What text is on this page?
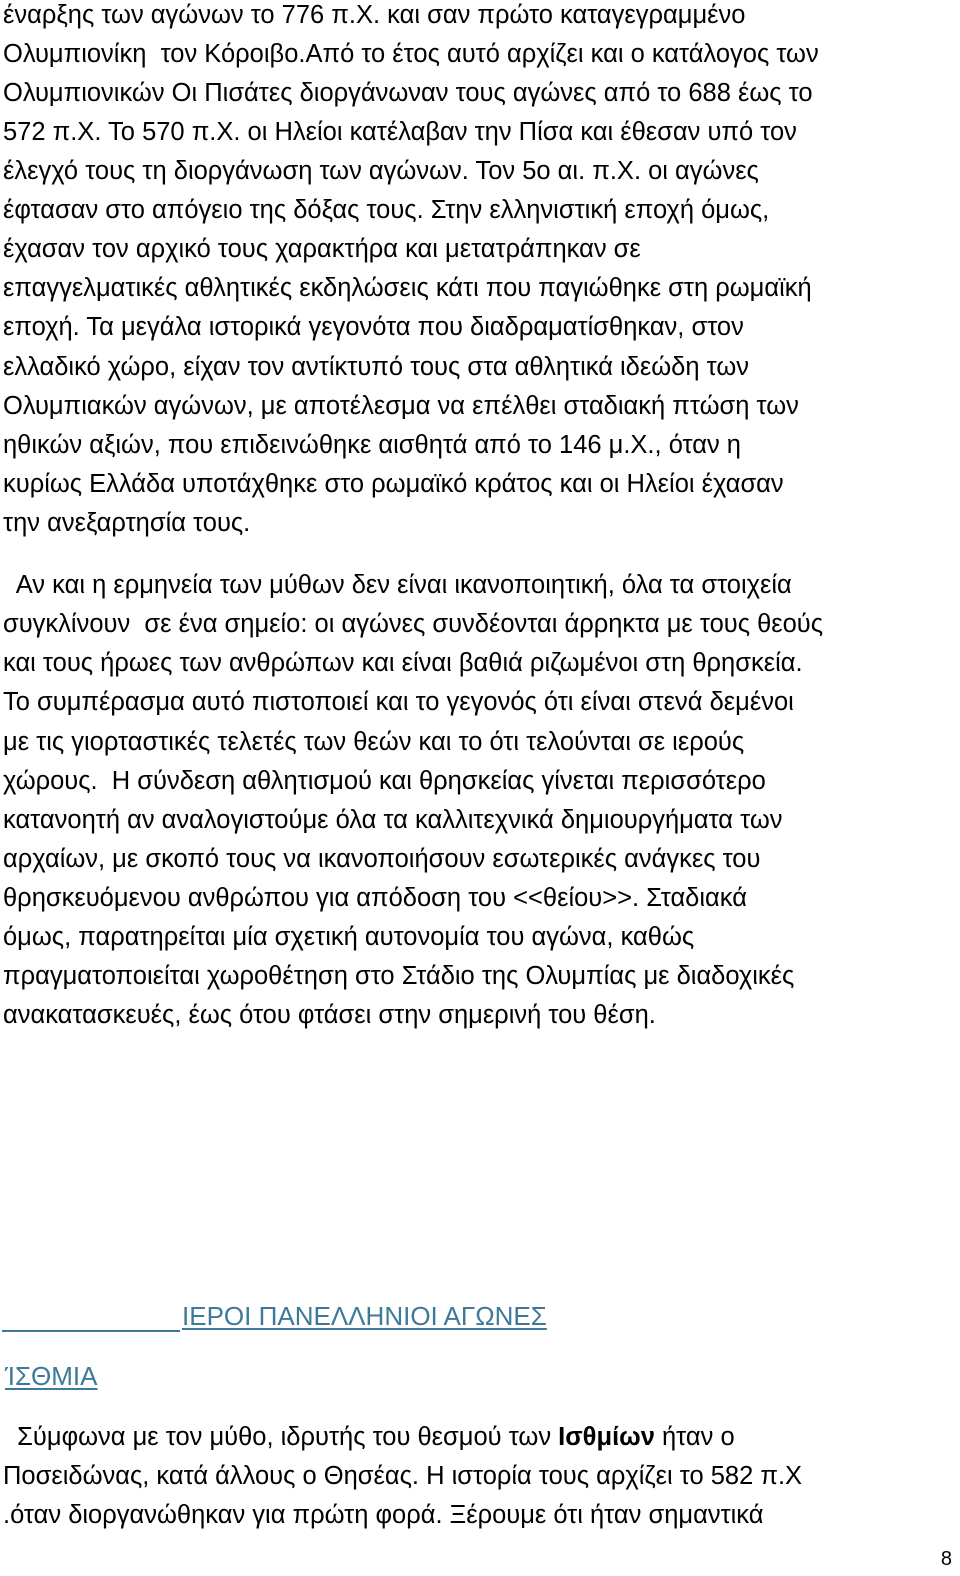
έναρξης των αγώνων το 776 π.Χ. και σαν πρώτο καταγεγραμμένο
Ολυμπιονίκη  τον Κόροιβο.Από το έτος αυτό αρχίζει και ο κατάλογος των
Ολυμπιονικών Οι Πισάτες διοργάνωναν τους αγώνες από το 688 έως το
572 π.Χ. Το 570 π.Χ. οι Ηλείοι κατέλαβαν την Πίσα και έθεσαν υπό τον
έλεγχό τους τη διοργάνωση των αγώνων. Τον 5ο αι. π.Χ. οι αγώνες
έφτασαν στο απόγειο της δόξας τους. Στην ελληνιστική εποχή όμως,
έχασαν τον αρχικό τους χαρακτήρα και μετατράπηκαν σε
επαγγελματικές αθλητικές εκδηλώσεις κάτι που παγιώθηκε στη ρωμαϊκή
εποχή. Τα μεγάλα ιστορικά γεγονότα που διαδραματίσθηκαν, στον
ελλαδικό χώρο, είχαν τον αντίκτυπό τους στα αθλητικά ιδεώδη των
Ολυμπιακών αγώνων, με αποτέλεσμα να επέλθει σταδιακή πτώση των
ηθικών αξιών, που επιδεινώθηκε αισθητά από το 146 μ.Χ., όταν η
κυρίως Ελλάδα υποτάχθηκε στο ρωμαϊκό κράτος και οι Ηλείοι έχασαν
την ανεξαρτησία τους.
Αν και η ερμηνεία των μύθων δεν είναι ικανοποιητική, όλα τα στοιχεία
συγκλίνουν  σε ένα σημείο: οι αγώνες συνδέονται άρρηκτα με τους θεούς
και τους ήρωες των ανθρώπων και είναι βαθιά ριζωμένοι στη θρησκεία.
Το συμπέρασμα αυτό πιστοποιεί και το γεγονός ότι είναι στενά δεμένοι
με τις γιορταστικές τελετές των θεών και το ότι τελούνται σε ιερούς
χώρους.  Η σύνδεση αθλητισμού και θρησκείας γίνεται περισσότερο
κατανοητή αν αναλογιστούμε όλα τα καλλιτεχνικά δημιουργήματα των
αρχαίων, με σκοπό τους να ικανοποιήσουν εσωτερικές ανάγκες του
θρησκευόμενου ανθρώπου για απόδοση του <<θείου>>. Σταδιακά
όμως, παρατηρείται μία σχετική αυτονομία του αγώνα, καθώς
πραγματοποιείται χωροθέτηση στο Στάδιο της Ολυμπίας με διαδοχικές
ανακατασκευές, έως ότου φτάσει στην σημερινή του θέση.
ΙΕΡΟΙ ΠΑΝΕΛΛΗΝΙΟΙ ΑΓΩΝΕΣ
ΊΣΘΜΙΑ
Σύμφωνα με τον μύθο, ιδρυτής του θεσμού των Ισθμίων ήταν ο
Ποσειδώνας, κατά άλλους ο Θησέας. Η ιστορία τους αρχίζει το 582 π.Χ
.όταν διοργανώθηκαν για πρώτη φορά. Ξέρουμε ότι ήταν σημαντικά
8
